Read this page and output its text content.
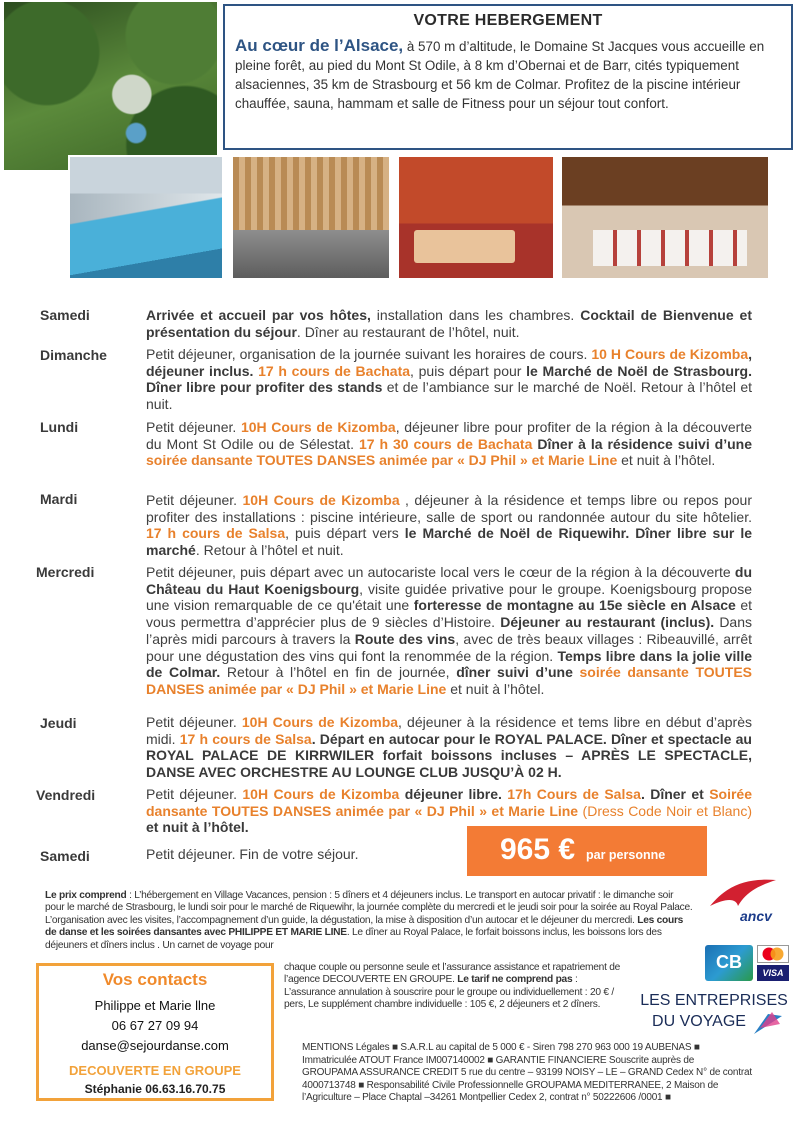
VOTRE HEBERGEMENT
Au cœur de l’Alsace, à 570 m d’altitude, le Domaine St Jacques vous accueille en pleine forêt, au pied du Mont St Odile, à 8 km d’Obernai et de Barr, cités typiquement alsaciennes, 35 km de Strasbourg et 56 km de Colmar. Profitez de la piscine intérieur chauffée, sauna, hammam et salle de Fitness pour un séjour tout confort.
Samedi	Arrivée et accueil par vos hôtes, installation dans les chambres. Cocktail de Bienvenue et présentation du séjour. Dîner au restaurant de l’hôtel, nuit.
Dimanche	Petit déjeuner, organisation de la journée suivant les horaires de cours. 10 H Cours de Kizomba, déjeuner inclus. 17 h cours de Bachata, puis départ pour le Marché de Noël de Strasbourg. Dîner libre pour profiter des stands et de l’ambiance sur le marché de Noël. Retour à l’hôtel et nuit.
Lundi	Petit déjeuner. 10H Cours de Kizomba, déjeuner libre pour profiter de la région à la découverte du Mont St Odile ou de Sélestat. 17 h 30 cours de Bachata Dîner à la résidence suivi d’une soirée dansante TOUTES DANSES animée par « DJ Phil » et Marie Line et nuit à l’hôtel.
Mardi	Petit déjeuner. 10H Cours de Kizomba , déjeuner à la résidence et temps libre ou repos pour profiter des installations : piscine intérieure, salle de sport ou randonnée autour du site hôtelier. 17 h cours de Salsa, puis départ vers le Marché de Noël de Riquewihr. Dîner libre sur le marché. Retour à l’hôtel et nuit.
Mercredi	Petit déjeuner, puis départ avec un autocariste local vers le cœur de la région à la découverte du Château du Haut Koenigsbourg, visite guidée privative pour le groupe. Koenigsbourg propose une vision remarquable de ce qu'était une forteresse de montagne au 15e siècle en Alsace et vous permettra d’apprécier plus de 9 siècles d’Histoire. Déjeuner au restaurant (inclus). Dans l’après midi parcours à travers la Route des vins, avec de très beaux villages : Ribeauvillé, arrêt pour une dégustation des vins qui font la renommée de la région. Temps libre dans la jolie ville de Colmar. Retour à l’hôtel en fin de journée, dîner suivi d’une soirée dansante TOUTES DANSES animée par « DJ Phil » et Marie Line et nuit à l’hôtel.
Jeudi	Petit déjeuner. 10H Cours de Kizomba, déjeuner à la résidence et tems libre en début d’après midi. 17 h cours de Salsa. Départ en autocar pour le ROYAL PALACE. Dîner et spectacle au ROYAL PALACE DE KIRRWILER forfait boissons incluses – APRÈS LE SPECTACLE, DANSE AVEC ORCHESTRE AU LOUNGE CLUB JUSQU’À 02 H.
Vendredi	Petit déjeuner. 10H Cours de Kizomba déjeuner libre. 17h Cours de Salsa. Dîner et Soirée dansante TOUTES DANSES animée par « DJ Phil » et Marie Line (Dress Code Noir et Blanc) et nuit à l’hôtel.
Samedi	Petit déjeuner. Fin de votre séjour.	965 € par personne
Le prix comprend : L’hébergement en Village Vacances, pension : 5 dîners et 4 déjeuners inclus. Le transport en autocar privatif : le dimanche soir pour le marché de Strasbourg, le lundi soir pour le marché de Riquewihr, la journée complète du mercredi et le jeudi soir pour la soirée au Royal Palace. L’organisation avec les visites, l’accompagnement d’un guide, la dégustation, la mise à disposition d’un autocar et le déjeuner du mercredi. Les cours de danse et les soirées dansantes avec PHILIPPE ET MARIE LINE. Le dîner au Royal Palace, le forfait boissons inclus, les boissons lors des déjeuners et dîners inclus . Un carnet de voyage pour
chaque couple ou personne seule et l’assurance assistance et rapatriement de l’agence DECOUVERTE EN GROUPE. Le tarif ne comprend pas : L’assurance annulation à souscrire pour le groupe ou individuellement : 20 € / pers, Le supplément chambre individuelle : 105 €, 2 déjeuners et 2 dîners.
Vos contacts
Philippe et Marie llne
06 67 27 09 94
danse@sejourdanse.com
DECOUVERTE EN GROUPE
Stéphanie 06.63.16.70.75
ancv
CB
VISA
LES ENTREPRISES
DU VOYAGE
MENTIONS Légales ■ S.A.R.L au capital de 5 000 € - Siren 798 270 963 000 19 AUBENAS ■ Immatriculée ATOUT France IM007140002 ■ GARANTIE FINANCIERE Souscrite auprès de GROUPAMA ASSURANCE CREDIT 5 rue du centre – 93199 NOISY – LE – GRAND Cedex N° de contrat 4000713748 ■ Responsabilité Civile Professionnelle GROUPAMA MEDITERRANEE, 2 Maison de l’Agriculture – Place Chaptal –34261 Montpellier Cedex 2, contrat n° 50222606 /0001 ■
